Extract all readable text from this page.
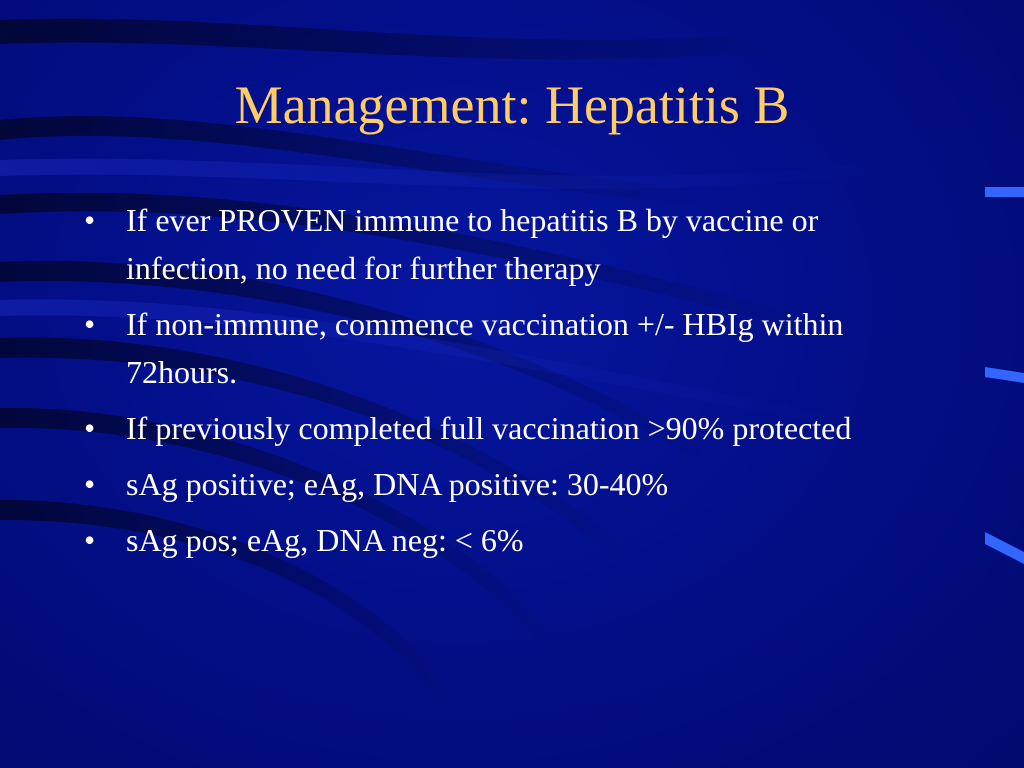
Management: Hepatitis B
• If ever PROVEN immune to hepatitis B by vaccine or infection, no need for further therapy
• If non-immune, commence vaccination +/- HBIg within 72hours.
• If previously completed full vaccination >90% protected
• sAg positive; eAg, DNA positive: 30-40%
• sAg pos; eAg, DNA neg: < 6%
